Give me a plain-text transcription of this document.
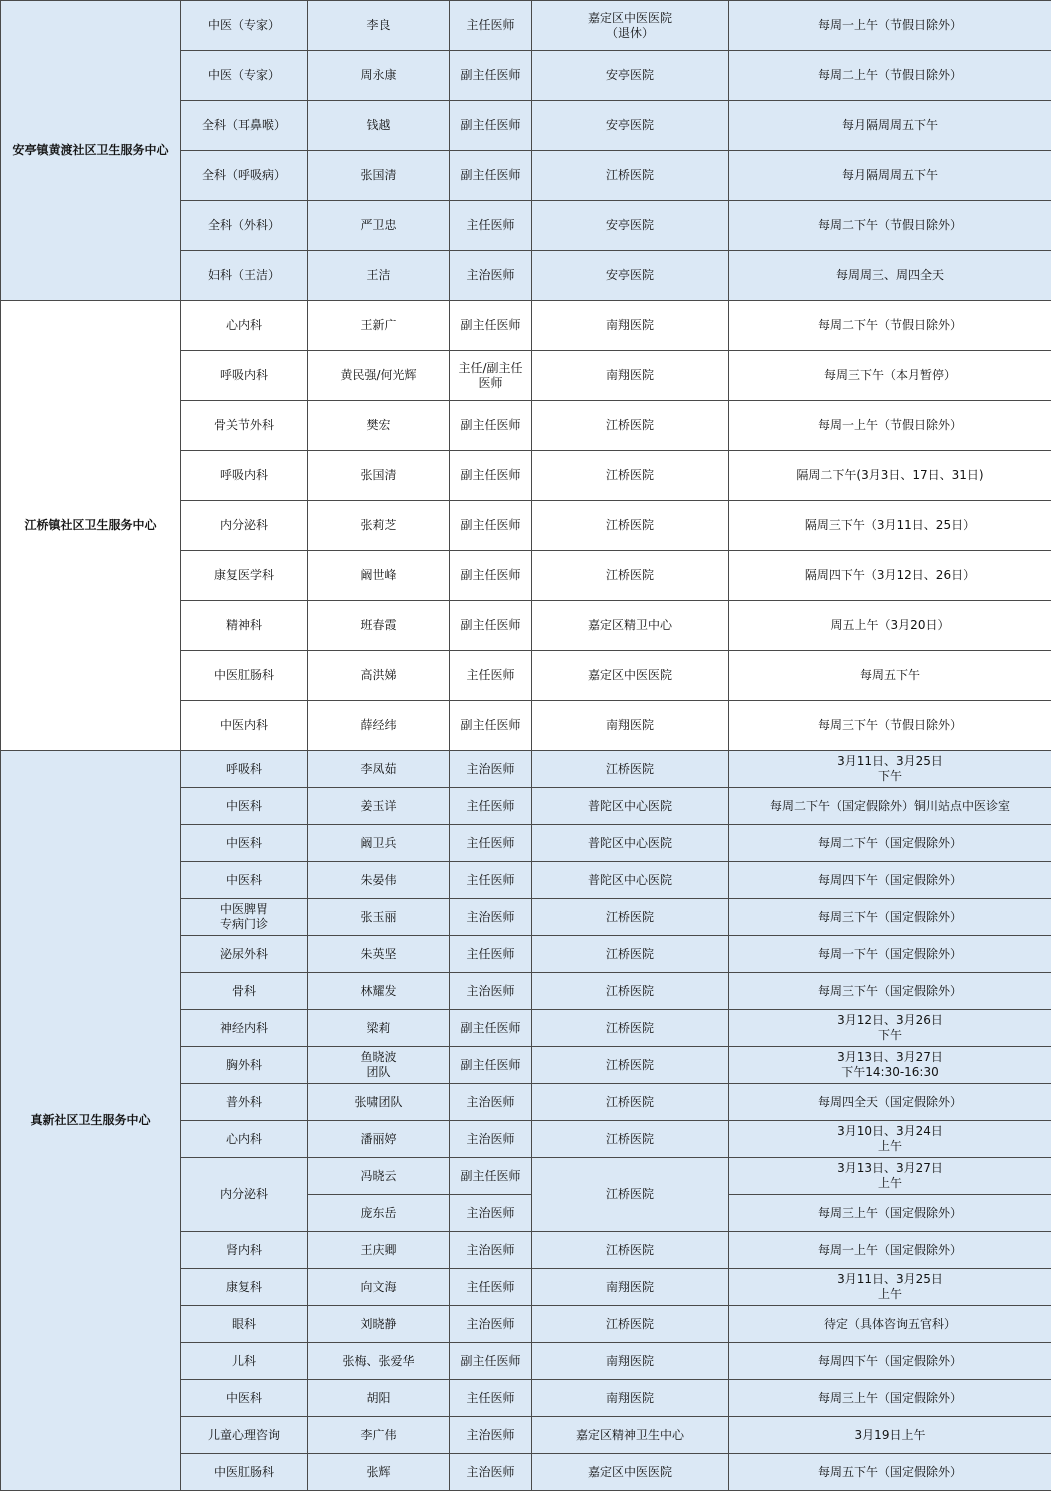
安亭镇黄渡社区卫生服务中心	中医（专家）	李良	主任医师	嘉定区中医医院
（退休）	每周一上午（节假日除外）

	中医（专家）	周永康	副主任医师	安亭医院	每周二上午（节假日除外）

	全科（耳鼻喉）	钱越	副主任医师	安亭医院	每月隔周周五下午

	全科（呼吸病）	张国清	副主任医师	江桥医院	每月隔周周五下午

	全科（外科）	严卫忠	主任医师	安亭医院	每周二下午（节假日除外）

	妇科（王洁）	王洁	主治医师	安亭医院	每周周三、周四全天

江桥镇社区卫生服务中心	心内科	王新广	副主任医师	南翔医院	每周二下午（节假日除外）

	呼吸内科	黄民强/何光辉	主任/副主任
医师	南翔医院	每周三下午（本月暂停）

	骨关节外科	樊宏	副主任医师	江桥医院	每周一上午（节假日除外）

	呼吸内科	张国清	副主任医师	江桥医院	隔周二下午(3月3日、17日、31日)

	内分泌科	张莉芝	副主任医师	江桥医院	隔周三下午（3月11日、25日）

	康复医学科	阚世峰	副主任医师	江桥医院	隔周四下午（3月12日、26日）

	精神科	班春霞	副主任医师	嘉定区精卫中心	周五上午（3月20日）

	中医肛肠科	高洪娣	主任医师	嘉定区中医医院	每周五下午

	中医内科	薛经纬	副主任医师	南翔医院	每周三下午（节假日除外）

真新社区卫生服务中心	呼吸科	李凤茹	主治医师	江桥医院	3月11日、3月25日
下午

	中医科	姜玉详	主任医师	普陀区中心医院	每周二下午（国定假除外）铜川站点中医诊室

	中医科	阚卫兵	主任医师	普陀区中心医院	每周二下午（国定假除外）

	中医科	朱晏伟	主任医师	普陀区中心医院	每周四下午（国定假除外）

	中医脾胃
专病门诊	张玉丽	主治医师	江桥医院	每周三下午（国定假除外）

	泌尿外科	朱英坚	主任医师	江桥医院	每周一下午（国定假除外）

	骨科	林耀发	主治医师	江桥医院	每周三下午（国定假除外）

	神经内科	梁莉	副主任医师	江桥医院	3月12日、3月26日
下午

	胸外科	鱼晓波
团队	副主任医师	江桥医院	3月13日、3月27日
下午14:30-16:30

	普外科	张啸团队	主治医师	江桥医院	每周四全天（国定假除外）

	心内科	潘丽婷	主治医师	江桥医院	3月10日、3月24日
上午

	内分泌科	冯晓云	副主任医师	江桥医院	3月13日、3月27日
上午

		庞东岳	主治医师		每周三上午（国定假除外）

	肾内科	王庆卿	主治医师	江桥医院	每周一上午（国定假除外）

	康复科	向文海	主任医师	南翔医院	3月11日、3月25日
上午

	眼科	刘晓静	主治医师	江桥医院	待定（具体咨询五官科）

	儿科	张梅、张爱华	副主任医师	南翔医院	每周四下午（国定假除外）

	中医科	胡阳	主任医师	南翔医院	每周三上午（国定假除外）

	儿童心理咨询	李广伟	主治医师	嘉定区精神卫生中心	3月19日上午

	中医肛肠科	张辉	主治医师	嘉定区中医医院	每周五下午（国定假除外）
